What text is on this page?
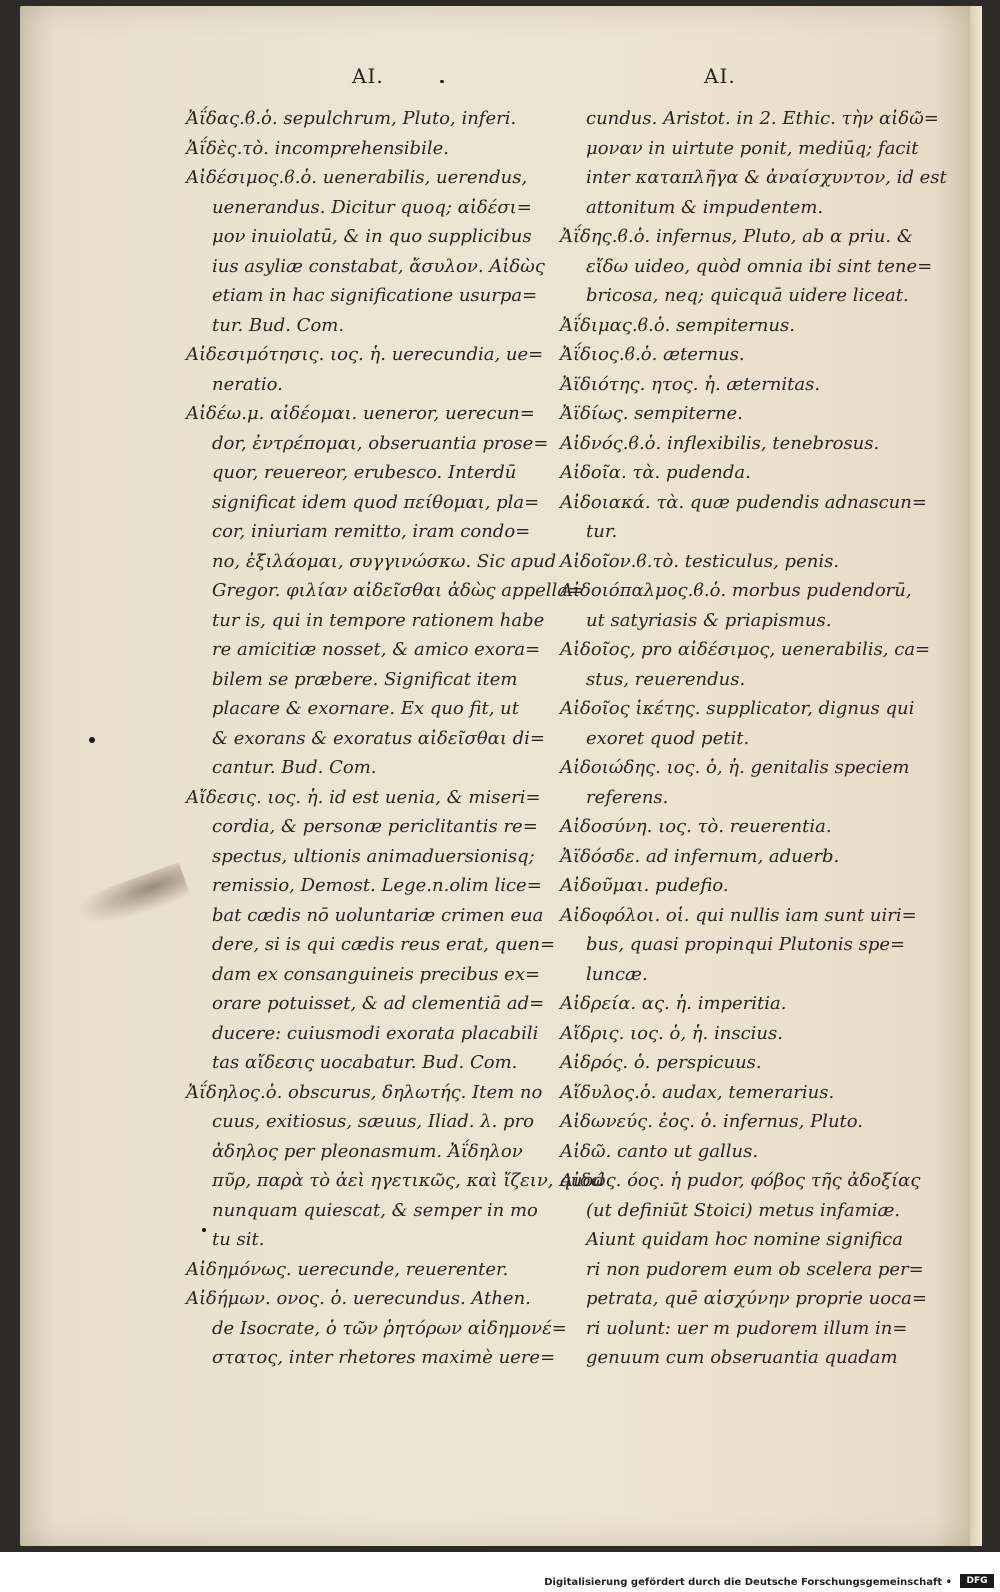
AI.	AI.
Ἀΐδας.ϐ.ὁ. sepulchrum, Pluto, inferi.
Ἀΐδὲς.τὸ. incomprehensibile.
Αἰδέσιμος.ϐ.ὁ. uenerabilis, uerendus,
uenerandus. Dicitur quoq; αἰδέσι=
μον inuiolatū, & in quo supplicibus
ius asyliæ constabat, ἄσυλον. Αἰδὼς
etiam in hac significatione usurpa=
tur. Bud. Com.
Αἰδεσιμότησις. ιος. ἡ. uerecundia, ue=
neratio.
Αἰδέω.μ. αἰδέομαι. ueneror, uerecun=
dor, ἐντρέπομαι, obseruantia prose=
quor, reuereor, erubesco. Interdū
significat idem quod πείθομαι, pla=
cor, iniuriam remitto, iram condo=
no, ἐξιλάομαι, συγγινώσκω. Sic apud
Gregor. φιλίαν αἰδεῖσθαι ἀδὼς appella=
tur is, qui in tempore rationem habe
re amicitiæ nosset, & amico exora=
bilem se præbere. Significat item
placare & exornare. Ex quo fit, ut
& exorans & exoratus αἰδεῖσθαι di=
cantur. Bud. Com.
Αἴδεσις. ιος. ἡ. id est uenia, & miseri=
cordia, & personæ periclitantis re=
spectus, ultionis animaduersionisq;
remissio, Demost. Lege.n.olim lice=
bat cædis nō uoluntariæ crimen eua
dere, si is qui cædis reus erat, quen=
dam ex consanguineis precibus ex=
orare potuisset, & ad clementiā ad=
ducere: cuiusmodi exorata placabili
tas αἴδεσις uocabatur. Bud. Com.
Ἀΐδηλος.ὁ. obscurus, δηλωτής. Item no
cuus, exitiosus, sæuus, Iliad. λ. pro
ἀδηλος per pleonasmum. Ἀΐδηλον
πῦρ, παρὰ τὸ ἀεὶ ηγετικῶς, καὶ ἴζειν, quod
nunquam quiescat, & semper in mo
tu sit.
Αἰδημόνως. uerecunde, reuerenter.
Αἰδήμων. ονος. ὁ. uerecundus. Athen.
de Isocrate, ὁ τῶν ῥητόρων αἰδημονέ=
στατος, inter rhetores maximè uere=
cundus. Aristot. in 2. Ethic. τὴν αἰδῶ=
μοναν in uirtute ponit, mediūq; facit
inter καταπλῆγα & ἀναίσχυντον, id est
attonitum & impudentem.
Ἀΐδης.ϐ.ὁ. infernus, Pluto, ab α priu. &
εἴδω uideo, quòd omnia ibi sint tene=
bricosa, neq; quicquā uidere liceat.
Ἀΐδιμας.ϐ.ὁ. sempiternus.
Ἀΐδιος.ϐ.ὁ. æternus.
Ἀϊδιότης. ητος. ἡ. æternitas.
Ἀϊδίως. sempiterne.
Αἰδνός.ϐ.ὁ. inflexibilis, tenebrosus.
Αἰδοῖα. τὰ. pudenda.
Αἰδοιακά. τὰ. quæ pudendis adnascun=
tur.
Αἰδοῖον.ϐ.τὸ. testiculus, penis.
Αἰδοιόπαλμος.ϐ.ὁ. morbus pudendorū,
ut satyriasis & priapismus.
Αἰδοῖος, pro αἰδέσιμος, uenerabilis, ca=
stus, reuerendus.
Αἰδοῖος ἱκέτης. supplicator, dignus qui
exoret quod petit.
Αἰδοιώδης. ιος. ὁ, ἡ. genitalis speciem
referens.
Αἰδοσύνη. ιος. τὸ. reuerentia.
Ἀϊδόσδε. ad infernum, aduerb.
Αἰδοῦμαι. pudefio.
Αἰδοφόλοι. οἱ. qui nullis iam sunt uiri=
bus, quasi propinqui Plutonis spe=
luncæ.
Αἰδρεία. ας. ἡ. imperitia.
Αἴδρις. ιος. ὁ, ἡ. inscius.
Αἰδρός. ὁ. perspicuus.
Αἴδυλος.ὁ. audax, temerarius.
Αἰδωνεύς. ἐος. ὁ. infernus, Pluto.
Αἰδῶ. canto ut gallus.
Αἰδώς. όος. ἡ pudor, φόβος τῆς ἀδοξίας
(ut definiūt Stoici) metus infamiæ.
Aiunt quidam hoc nomine significa
ri non pudorem eum ob scelera per=
petrata, quē αἰσχύνην proprie uoca=
ri uolunt: uer m pudorem illum in=
genuum cum obseruantia quadam
Digitalisierung gefördert durch die Deutsche Forschungsgemeinschaft •	DFG
